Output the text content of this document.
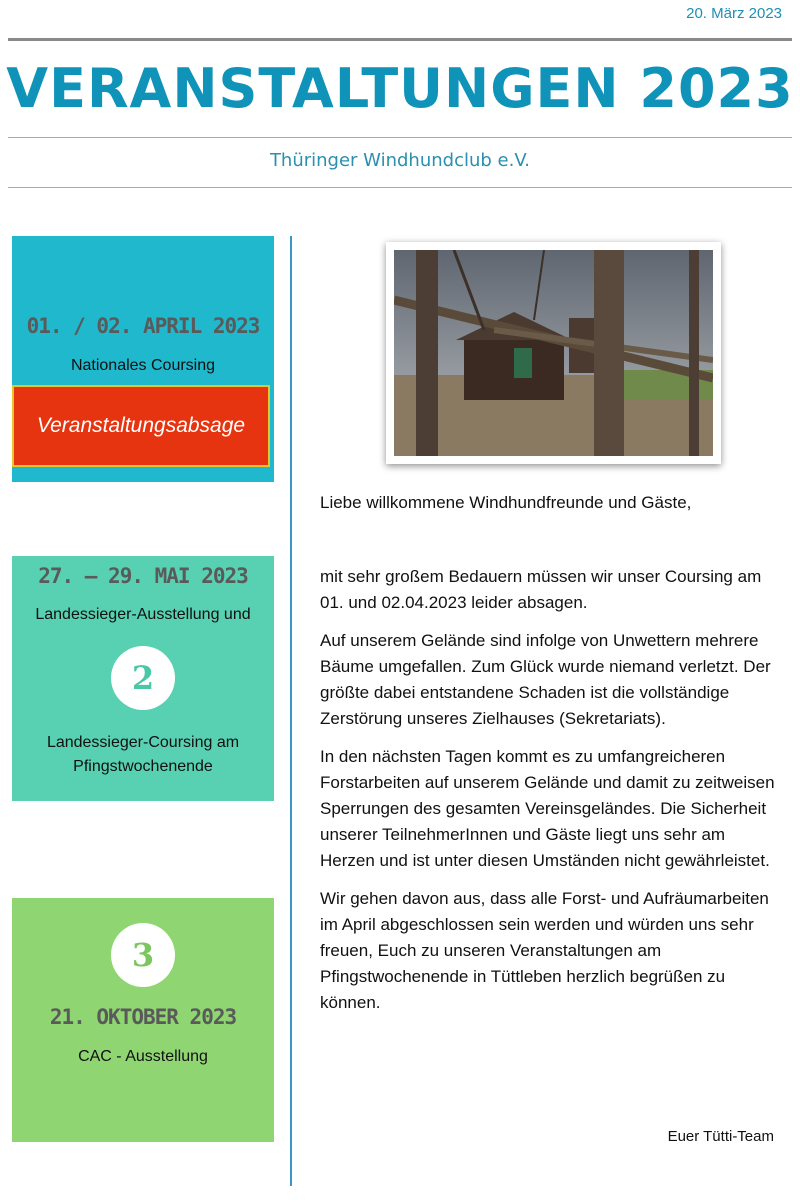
20. März 2023
VERANSTALTUNGEN 2023
Thüringer Windhundclub e.V.
01. / 02. APRIL 2023
Nationales Coursing
Veranstaltungsabsage
27. – 29. MAI 2023
Landessieger-Ausstellung und
2
Landessieger-Coursing am Pfingstwochenende
3
21. OKTOBER 2023
CAC - Ausstellung

Liebe willkommene Windhundfreunde und Gäste,

mit sehr großem Bedauern müssen wir unser Coursing am 01. und 02.04.2023 leider absagen.

Auf unserem Gelände sind infolge von Unwettern mehrere Bäume umgefallen. Zum Glück wurde niemand verletzt. Der größte dabei entstandene Schaden ist die vollständige Zerstörung unseres Zielhauses (Sekretariats).

In den nächsten Tagen kommt es zu umfangreicheren Forstarbeiten auf unserem Gelände und damit zu zeitweisen Sperrungen des gesamten Vereinsgeländes. Die Sicherheit unserer TeilnehmerInnen und Gäste liegt uns sehr am Herzen und ist unter diesen Umständen nicht gewährleistet.

Wir gehen davon aus, dass alle Forst- und Aufräumarbeiten im April abgeschlossen sein werden und würden uns sehr freuen, Euch zu unseren Veranstaltungen am Pfingstwochenende in Tüttleben herzlich begrüßen zu können.

Euer Tütti-Team
